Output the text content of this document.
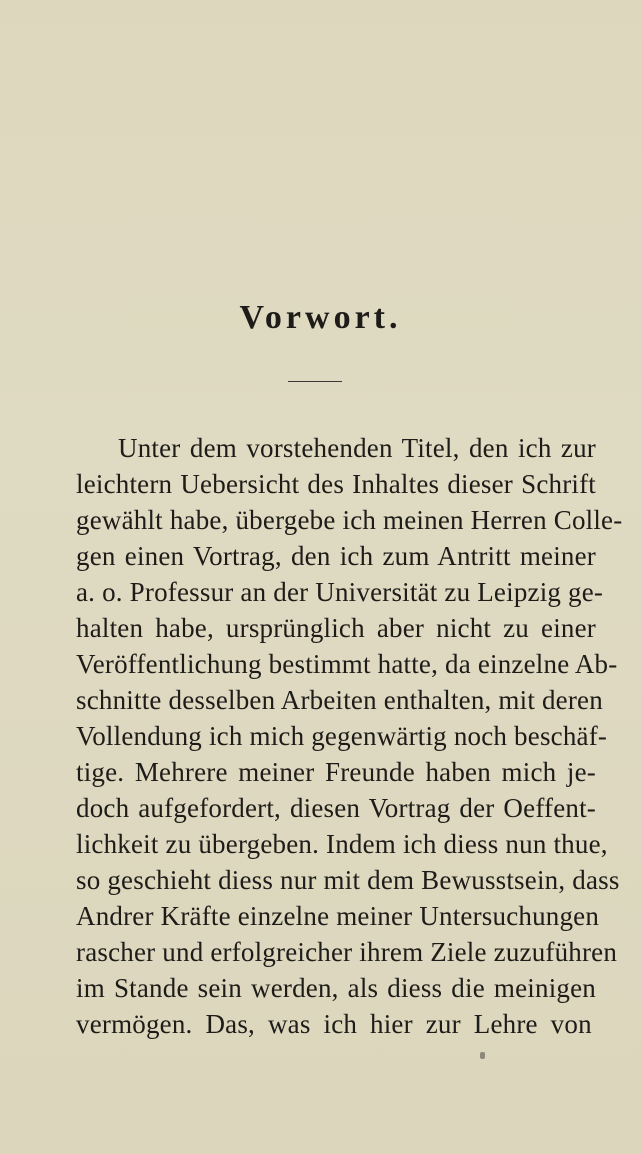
Vorwort.
Unter dem vorstehenden Titel, den ich zur
leichtern Uebersicht des Inhaltes dieser Schrift
gewählt habe, übergebe ich meinen Herren Colle-
gen einen Vortrag, den ich zum Antritt meiner
a. o. Professur an der Universität zu Leipzig ge-
halten habe, ursprünglich aber nicht zu einer
Veröffentlichung bestimmt hatte, da einzelne Ab-
schnitte desselben Arbeiten enthalten, mit deren
Vollendung ich mich gegenwärtig noch beschäf-
tige. Mehrere meiner Freunde haben mich je-
doch aufgefordert, diesen Vortrag der Oeffent-
lichkeit zu übergeben. Indem ich diess nun thue,
so geschieht diess nur mit dem Bewusstsein, dass
Andrer Kräfte einzelne meiner Untersuchungen
rascher und erfolgreicher ihrem Ziele zuzuführen
im Stande sein werden, als diess die meinigen
vermögen. Das, was ich hier zur Lehre von
